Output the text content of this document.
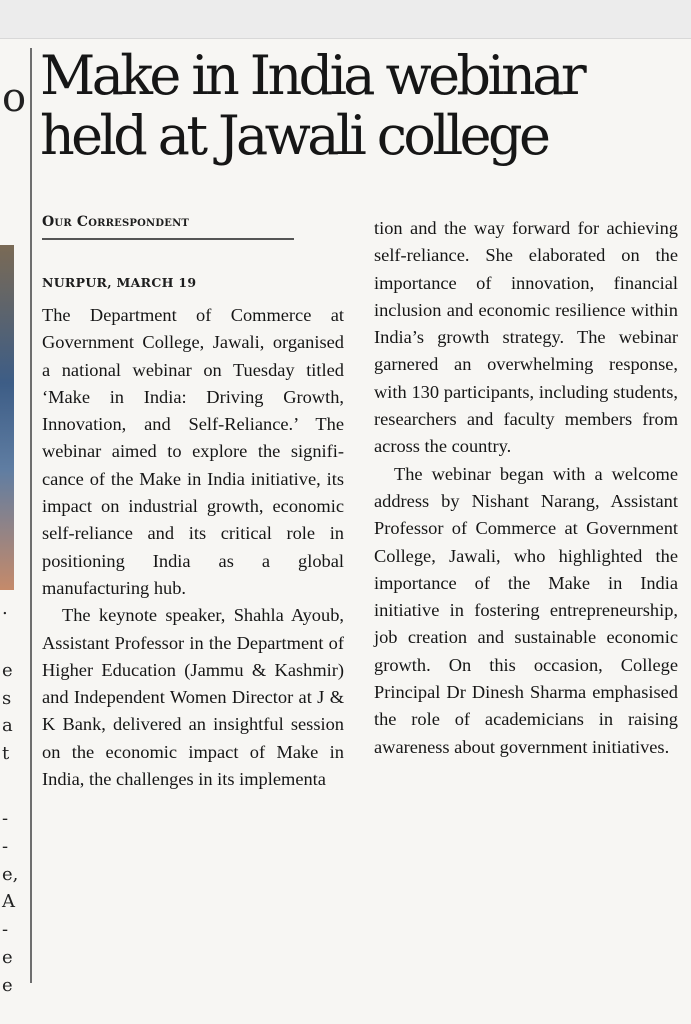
o
.
e
s
a
t
-
-
e,
A
-
e
e
Make in India webinar
held at Jawali college
Our Correspondent
NURPUR, MARCH 19

The Department of Commerce at Government College, Jawali, organised a national webinar on Tuesday titled ‘Make in India: Driving Growth, Innovation, and Self-Reliance.’ The webinar aimed to explore the significance of the Make in India initiative, its impact on industrial growth, economic self-reliance and its critical role in positioning India as a global manufacturing hub.

The keynote speaker, Shahla Ayoub, Assistant Professor in the Department of Higher Education (Jammu & Kashmir) and Independent Women Director at J & K Bank, delivered an insightful session on the economic impact of Make in India, the challenges in its implementa

tion and the way forward for achieving self-reliance. She elaborated on the importance of innovation, financial inclusion and economic resilience within India’s growth strategy. The webinar garnered an overwhelming response, with 130 participants, including students, researchers and faculty members from across the country.

The webinar began with a welcome address by Nishant Narang, Assistant Professor of Commerce at Government College, Jawali, who highlighted the importance of the Make in India initiative in fostering entrepreneurship, job creation and sustainable economic growth. On this occasion, College Principal Dr Dinesh Sharma emphasised the role of academicians in raising awareness about government initiatives.
